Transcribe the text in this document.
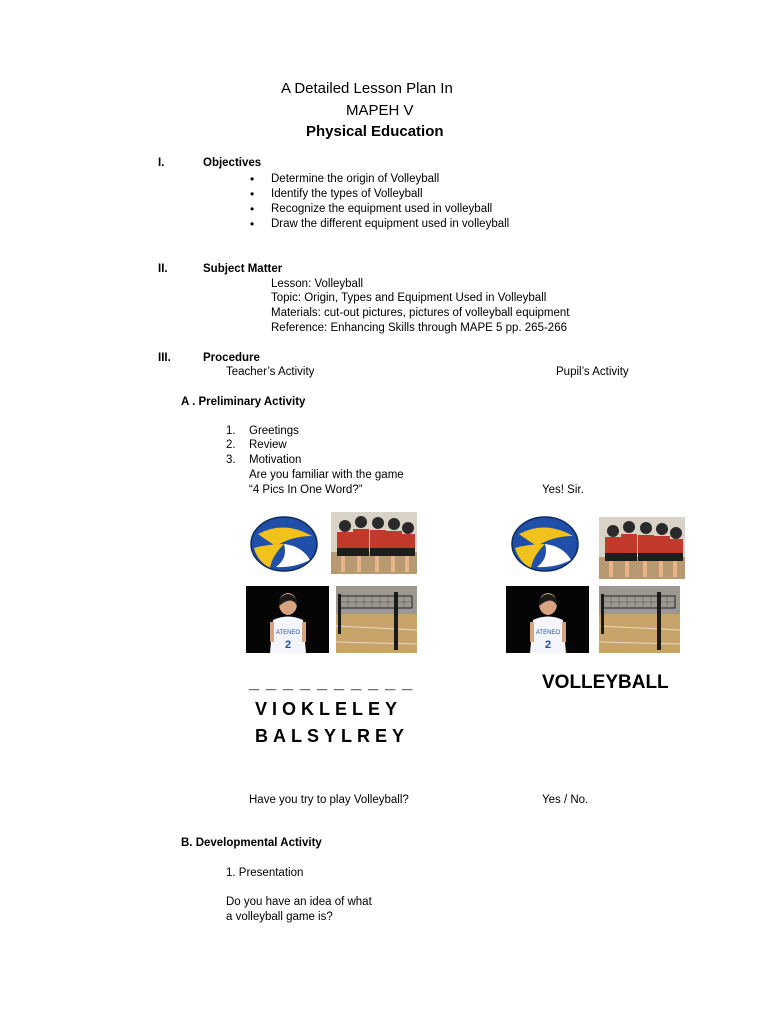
A Detailed Lesson Plan In
MAPEH V
Physical Education
I.	Objectives
• Determine the origin of Volleyball
• Identify the types of Volleyball
• Recognize the equipment used in volleyball
• Draw the different equipment used in volleyball
II.	Subject Matter
Lesson: Volleyball
Topic: Origin, Types and Equipment Used in Volleyball
Materials: cut-out pictures, pictures of volleyball equipment
Reference: Enhancing Skills through MAPE 5 pp. 265-266
III.	Procedure
Teacher’s Activity	Pupil’s Activity
A . Preliminary Activity
1. Greetings
2. Review
3. Motivation
Are you familiar with the game
“4 Pics In One Word?”	Yes! Sir.
ATENEO
2
ATENEO
2
_ _ _ _ _ _ _ _ _ _
VIOKLELEY
BALSYLREY
VOLLEYBALL
Have you try to play Volleyball?	Yes / No.
B. Developmental Activity
1. Presentation
Do you have an idea of what
a volleyball game is?
